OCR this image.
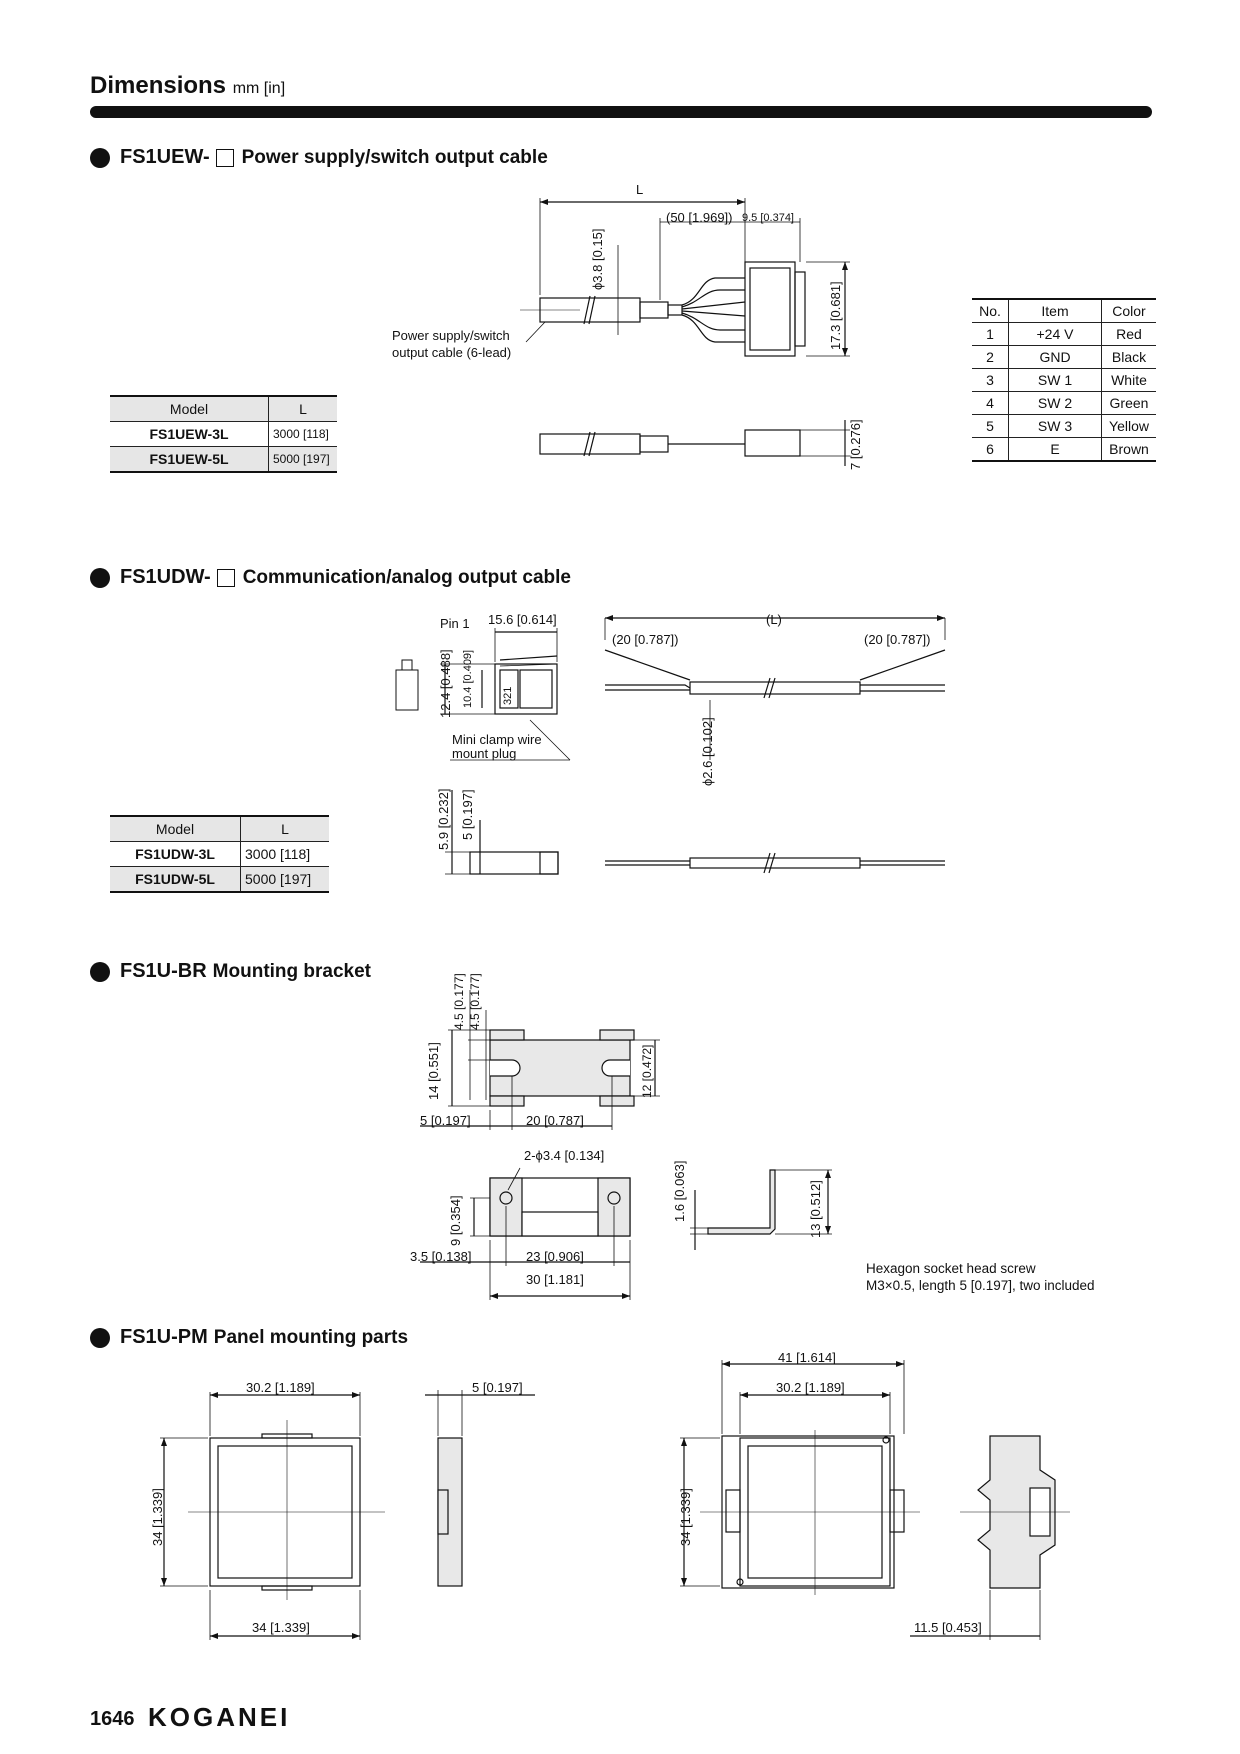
Dimensions mm [in]
FS1UEW- Power supply/switch output cable
L
(50 [1.969]) 9.5 [0.374]
ϕ3.8 [0.15]
17.3 [0.681]
7 [0.276]
Power supply/switch
output cable (6-lead)
Model	L
FS1UEW-3L	3000 [118]
FS1UEW-5L	5000 [197]
No.	Item	Color
1	+24 V	Red
2	GND	Black
3	SW 1	White
4	SW 2	Green
5	SW 3	Yellow
6	E	Brown
FS1UDW- Communication/analog output cable
Pin 1 15.6 [0.614]
12.4 [0.488] 10.4 [0.409]	321
Mini clamp wire
mount plug
(L)
(20 [0.787])	(20 [0.787])
ϕ2.6 [0.102]
5.9 [0.232] 5 [0.197]
Model	L
FS1UDW-3L	3000 [118]
FS1UDW-5L	5000 [197]
FS1U-BR Mounting bracket
4.5 [0.177] 4.5 [0.177]
14 [0.551]	12 [0.472]
5 [0.197]	20 [0.787]
2-ϕ3.4 [0.134]
9 [0.354]
3.5 [0.138]	23 [0.906]
30 [1.181]
1.6 [0.063]	13 [0.512]
Hexagon socket head screw
M3×0.5, length 5 [0.197], two included
FS1U-PM Panel mounting parts
30.2 [1.189]
34 [1.339]
34 [1.339]
5 [0.197]
41 [1.614]
30.2 [1.189]
34 [1.339]
11.5 [0.453]
1646 KOGANEI
